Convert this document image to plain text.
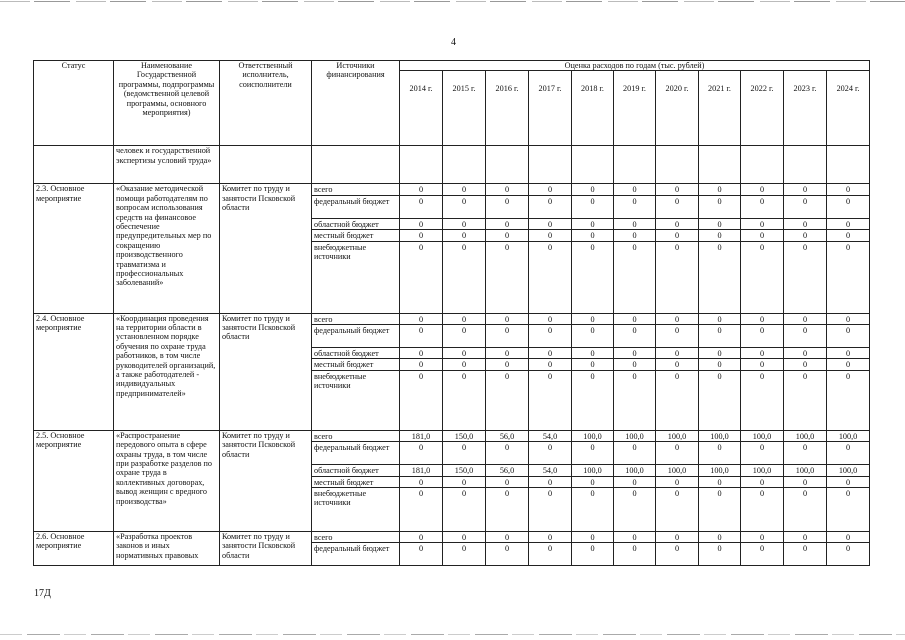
4
Статус	Наименование Государственной программы, подпрограммы (ведомственной целевой программы, основного мероприятия)	Ответственный исполнитель, соисполнители	Источники финансирования	Оценка расходов по годам (тыс. рублей)										
				2014 г.	2015 г.	2016 г.	2017 г.	2018 г.	2019 г.	2020 г.	2021 г.	2022 г.	2023 г.	2024 г.
	человек и государственной экспертизы условий труда»													
2.3. Основное мероприятие	«Оказание методической помощи работодателям по вопросам использования средств на финансовое обеспечение предупредительных мер по сокращению производственного травматизма и профессиональных заболеваний»	Комитет по труду и занятости Псковской области	всего	0	0	0	0	0	0	0	0	0	0	0
			федеральный бюджет	0	0	0	0	0	0	0	0	0	0	0
			областной бюджет	0	0	0	0	0	0	0	0	0	0	0
			местный бюджет	0	0	0	0	0	0	0	0	0	0	0
			внебюджетные источники	0	0	0	0	0	0	0	0	0	0	0
2.4. Основное мероприятие	«Координация проведения на территории области в установленном порядке обучения по охране труда работников, в том числе руководителей организаций, а также работодателей - индивидуальных предпринимателей»	Комитет по труду и занятости Псковской области	всего	0	0	0	0	0	0	0	0	0	0	0
			федеральный бюджет	0	0	0	0	0	0	0	0	0	0	0
			областной бюджет	0	0	0	0	0	0	0	0	0	0	0
			местный бюджет	0	0	0	0	0	0	0	0	0	0	0
			внебюджетные источники	0	0	0	0	0	0	0	0	0	0	0
2.5. Основное мероприятие	«Распространение передового опыта в сфере охраны труда, в том числе при разработке разделов по охране труда в коллективных договорах, вывод женщин с вредного производства»	Комитет по труду и занятости Псковской области	всего	181,0	150,0	56,0	54,0	100,0	100,0	100,0	100,0	100,0	100,0	100,0
			федеральный бюджет	0	0	0	0	0	0	0	0	0	0	0
			областной бюджет	181,0	150,0	56,0	54,0	100,0	100,0	100,0	100,0	100,0	100,0	100,0
			местный бюджет	0	0	0	0	0	0	0	0	0	0	0
			внебюджетные источники	0	0	0	0	0	0	0	0	0	0	0
2.6. Основное мероприятие	«Разработка проектов законов и иных нормативных правовых	Комитет по труду и занятости Псковской области	всего	0	0	0	0	0	0	0	0	0	0	0
			федеральный бюджет	0	0	0	0	0	0	0	0	0	0	0
17Д
